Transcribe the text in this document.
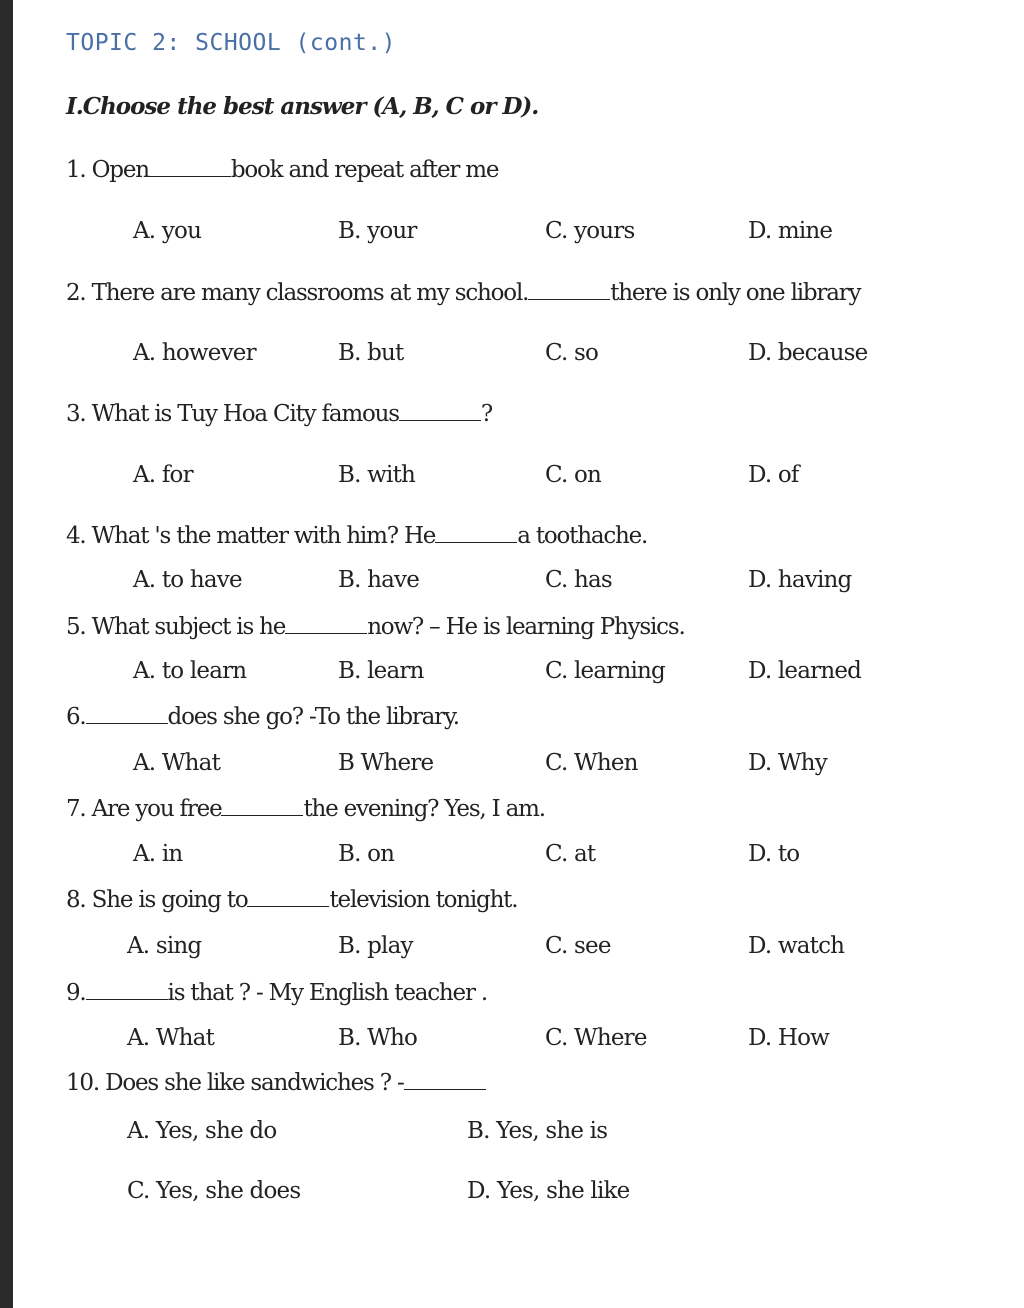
TOPIC 2: SCHOOL (cont.)
I.Choose the best answer (A, B, C or D).
1. Open	book and repeat after me
A. you	B. your	C. yours	D. mine
2. There are many classrooms at my school.	there is only one library
A. however	B. but	C. so	D. because
3. What is Tuy Hoa City famous	?
A. for	B. with	C. on	D. of
4. What 's the matter with him? He	a toothache.
A. to have	B. have	C. has	D. having
5. What subject is he	now? – He is learning Physics.
A. to learn	B. learn	C. learning	D. learned
6.	does she go? -To the library.
A. What	B Where	C. When	D. Why
7. Are you free	the evening? Yes, I am.
A. in	B. on	C. at	D. to
8. She is going to	television tonight.
A. sing	B. play	C. see	D. watch
9.	is that ? - My English teacher .
A. What	B. Who	C. Where	D. How
10. Does she like sandwiches ? -
A. Yes, she do	B. Yes, she is
C. Yes, she does	D. Yes, she like
